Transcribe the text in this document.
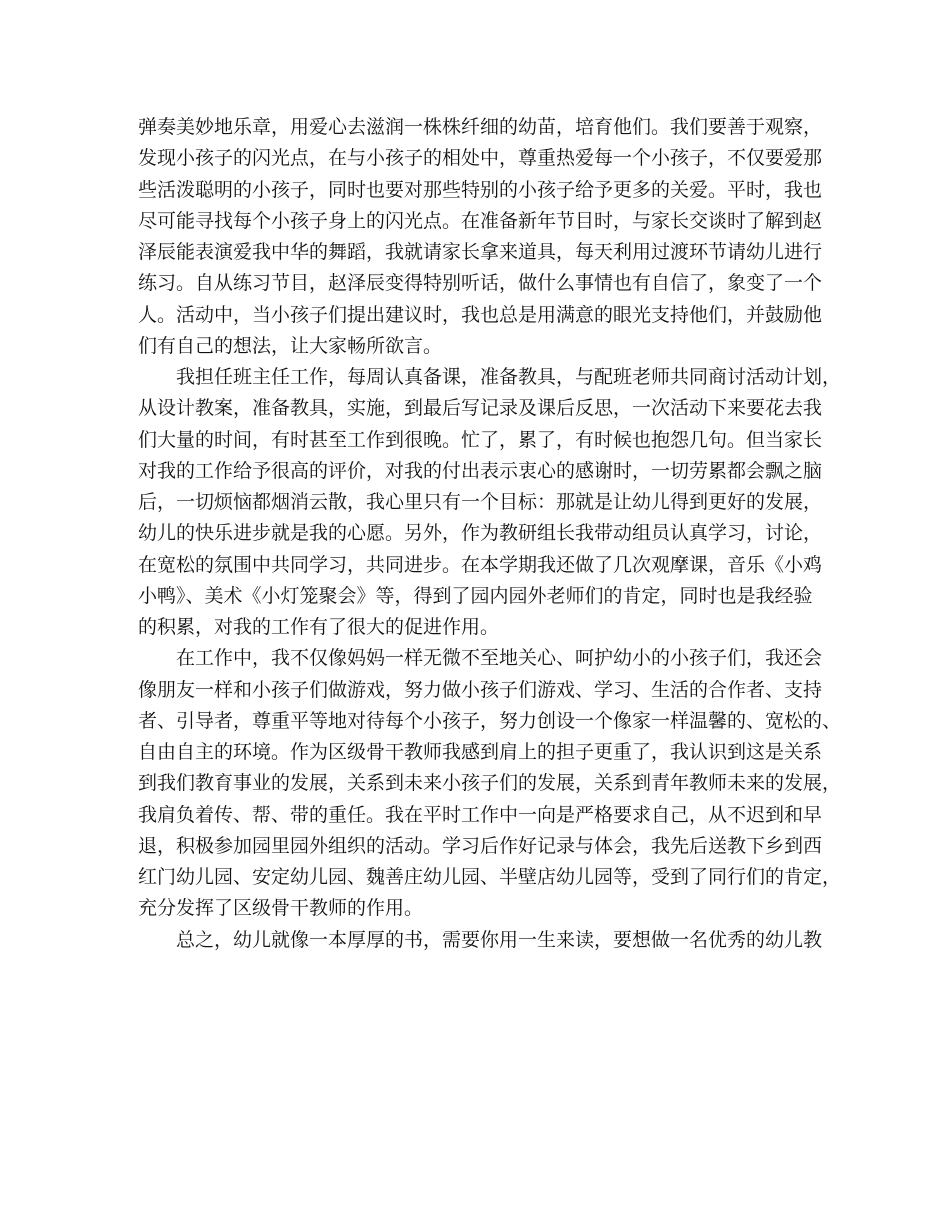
弹奏美妙地乐章，用爱心去滋润一株株纤细的幼苗，培育他们。我们要善于观察，
发现小孩子的闪光点，在与小孩子的相处中，尊重热爱每一个小孩子，不仅要爱那
些活泼聪明的小孩子，同时也要对那些特别的小孩子给予更多的关爱。平时，我也
尽可能寻找每个小孩子身上的闪光点。在准备新年节目时，与家长交谈时了解到赵
泽辰能表演爱我中华的舞蹈，我就请家长拿来道具，每天利用过渡环节请幼儿进行
练习。自从练习节目，赵泽辰变得特别听话，做什么事情也有自信了，象变了一个
人。活动中，当小孩子们提出建议时，我也总是用满意的眼光支持他们，并鼓励他
们有自己的想法，让大家畅所欲言。
　　我担任班主任工作，每周认真备课，准备教具，与配班老师共同商讨活动计划，
从设计教案，准备教具，实施，到最后写记录及课后反思，一次活动下来要花去我
们大量的时间，有时甚至工作到很晚。忙了，累了，有时候也抱怨几句。但当家长
对我的工作给予很高的评价，对我的付出表示衷心的感谢时，一切劳累都会飘之脑
后，一切烦恼都烟消云散，我心里只有一个目标：那就是让幼儿得到更好的发展，
幼儿的快乐进步就是我的心愿。另外，作为教研组长我带动组员认真学习，讨论，
在宽松的氛围中共同学习，共同进步。在本学期我还做了几次观摩课，音乐《小鸡
小鸭》、美术《小灯笼聚会》等，得到了园内园外老师们的肯定，同时也是我经验
的积累，对我的工作有了很大的促进作用。
　　在工作中，我不仅像妈妈一样无微不至地关心、呵护幼小的小孩子们，我还会
像朋友一样和小孩子们做游戏，努力做小孩子们游戏、学习、生活的合作者、支持
者、引导者，尊重平等地对待每个小孩子，努力创设一个像家一样温馨的、宽松的、
自由自主的环境。作为区级骨干教师我感到肩上的担子更重了，我认识到这是关系
到我们教育事业的发展，关系到未来小孩子们的发展，关系到青年教师未来的发展，
我肩负着传、帮、带的重任。我在平时工作中一向是严格要求自己，从不迟到和早
退，积极参加园里园外组织的活动。学习后作好记录与体会，我先后送教下乡到西
红门幼儿园、安定幼儿园、魏善庄幼儿园、半壁店幼儿园等，受到了同行们的肯定，
充分发挥了区级骨干教师的作用。
　　总之，幼儿就像一本厚厚的书，需要你用一生来读，要想做一名优秀的幼儿教
